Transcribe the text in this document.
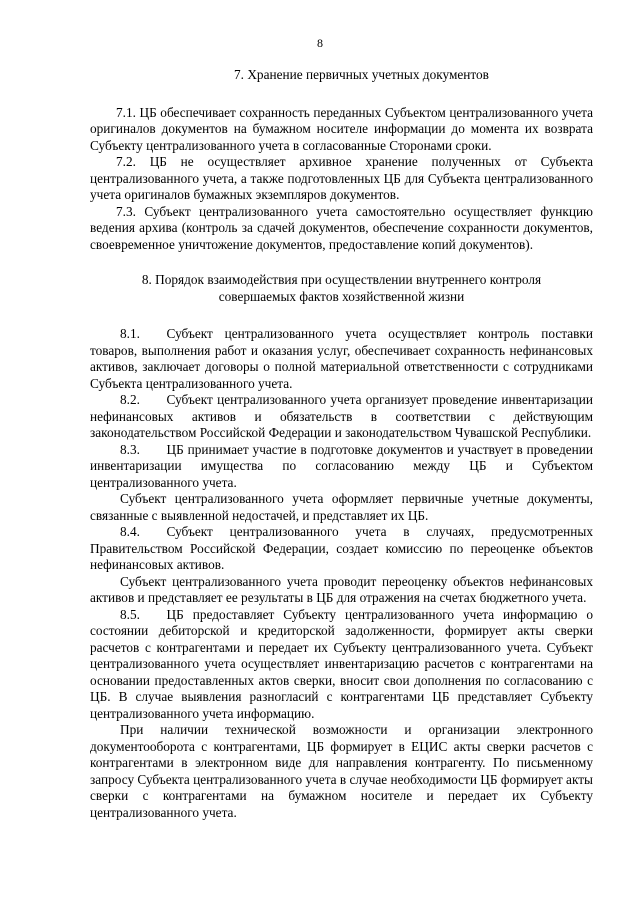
8

7. Хранение первичных учетных документов

7.1. ЦБ обеспечивает сохранность переданных Субъектом централизованного учета оригиналов документов на бумажном носителе информации до момента их возврата Субъекту централизованного учета в согласованные Сторонами сроки.

7.2. ЦБ не осуществляет архивное хранение полученных от Субъекта централизованного учета, а также подготовленных ЦБ для Субъекта централизованного учета оригиналов бумажных экземпляров документов.

7.3. Субъект централизованного учета самостоятельно осуществляет функцию ведения архива (контроль за сдачей документов, обеспечение сохранности документов, своевременное уничтожение документов, предоставление копий документов).

8. Порядок взаимодействия при осуществлении внутреннего контроля
совершаемых фактов хозяйственной жизни

8.1.  Субъект централизованного учета осуществляет контроль поставки товаров, выполнения работ и оказания услуг, обеспечивает сохранность нефинансовых активов, заключает договоры о полной материальной ответственности с сотрудниками Субъекта централизованного учета.

8.2.  Субъект централизованного учета организует проведение инвентаризации нефинансовых активов и обязательств в соответствии с действующим законодательством Российской Федерации и законодательством Чувашской Республики.

8.3.  ЦБ принимает участие в подготовке документов и участвует в проведении инвентаризации имущества по согласованию между ЦБ и Субъектом централизованного учета.

Субъект централизованного учета оформляет первичные учетные документы, связанные с выявленной недостачей, и представляет их ЦБ.

8.4.  Субъект централизованного учета в случаях, предусмотренных Правительством Российской Федерации, создает комиссию по переоценке объектов нефинансовых активов.

Субъект централизованного учета проводит переоценку объектов нефинансовых активов и представляет ее результаты в ЦБ для отражения на счетах бюджетного учета.

8.5.  ЦБ предоставляет Субъекту централизованного учета информацию о состоянии дебиторской и кредиторской задолженности, формирует акты сверки расчетов с контрагентами и передает их Субъекту централизованного учета. Субъект централизованного учета осуществляет инвентаризацию расчетов с контрагентами на основании предоставленных актов сверки, вносит свои дополнения по согласованию с ЦБ. В случае выявления разногласий с контрагентами ЦБ представляет Субъекту централизованного учета информацию.

При наличии технической возможности и организации электронного документооборота с контрагентами, ЦБ формирует в ЕЦИС акты сверки расчетов с контрагентами в электронном виде для направления контрагенту. По письменному запросу Субъекта централизованного учета в случае необходимости ЦБ формирует акты сверки с контрагентами на бумажном носителе и передает их Субъекту централизованного учета.
